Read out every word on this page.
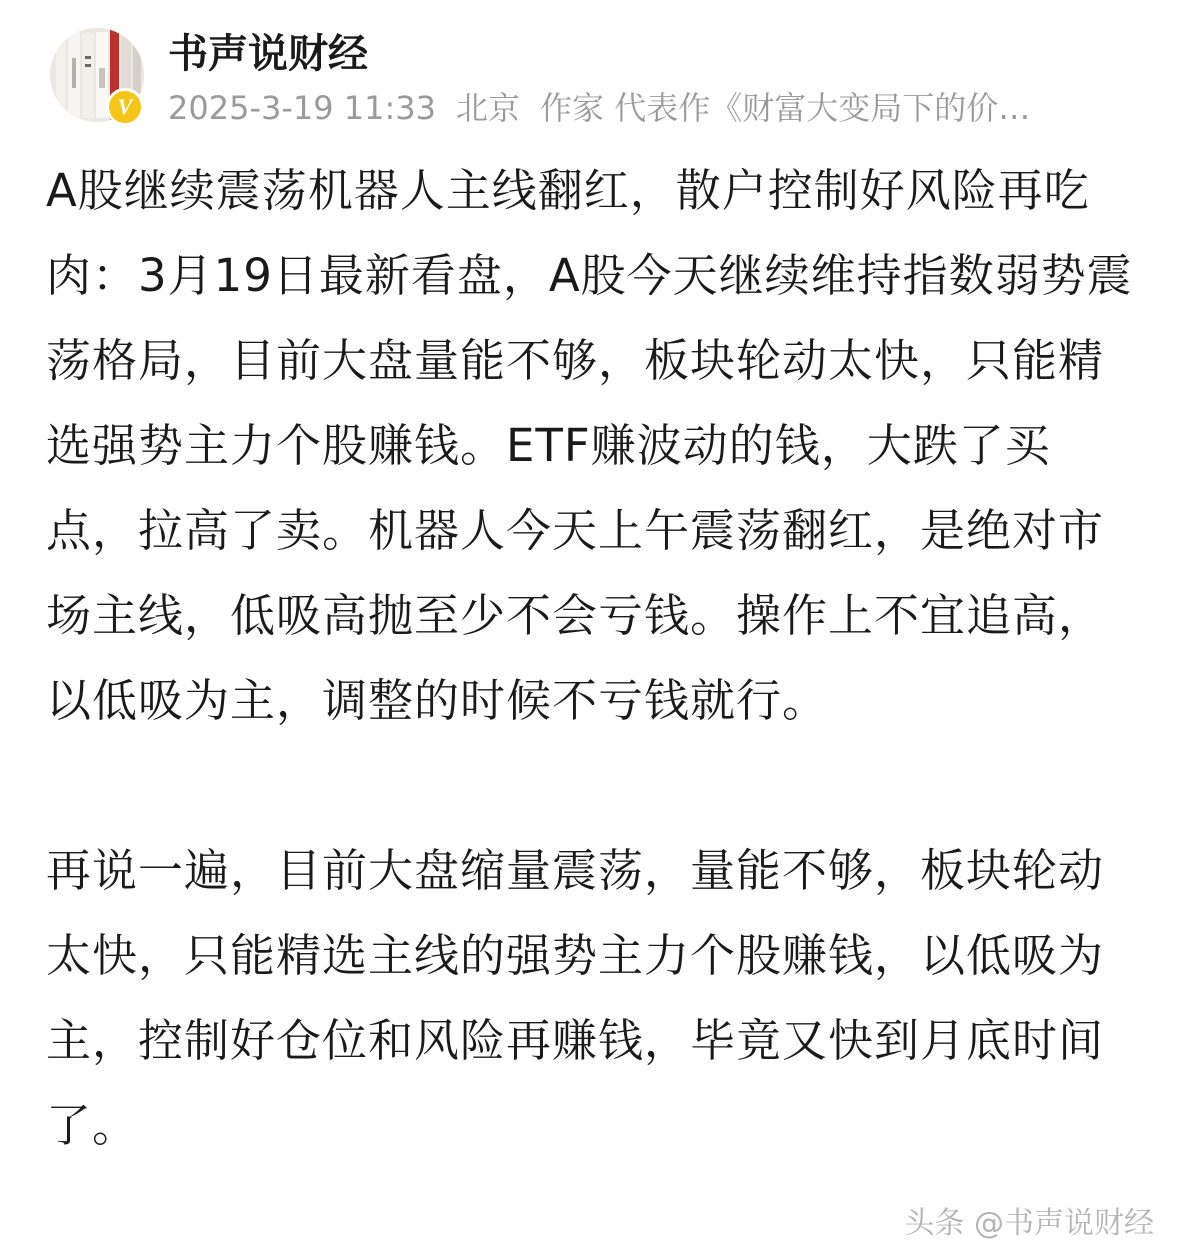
V
书声说财经
2025-3-19 11:33 北京 作家 代表作《财富大变局下的价…

A股继续震荡机器人主线翻红，散户控制好风险再吃肉：3月19日最新看盘，A股今天继续维持指数弱势震荡格局，目前大盘量能不够，板块轮动太快，只能精选强势主力个股赚钱。ETF赚波动的钱，大跌了买点，拉高了卖。机器人今天上午震荡翻红，是绝对市场主线，低吸高抛至少不会亏钱。操作上不宜追高，以低吸为主，调整的时候不亏钱就行。

再说一遍，目前大盘缩量震荡，量能不够，板块轮动太快，只能精选主线的强势主力个股赚钱，以低吸为主，控制好仓位和风险再赚钱，毕竟又快到月底时间了。

头条 @书声说财经
